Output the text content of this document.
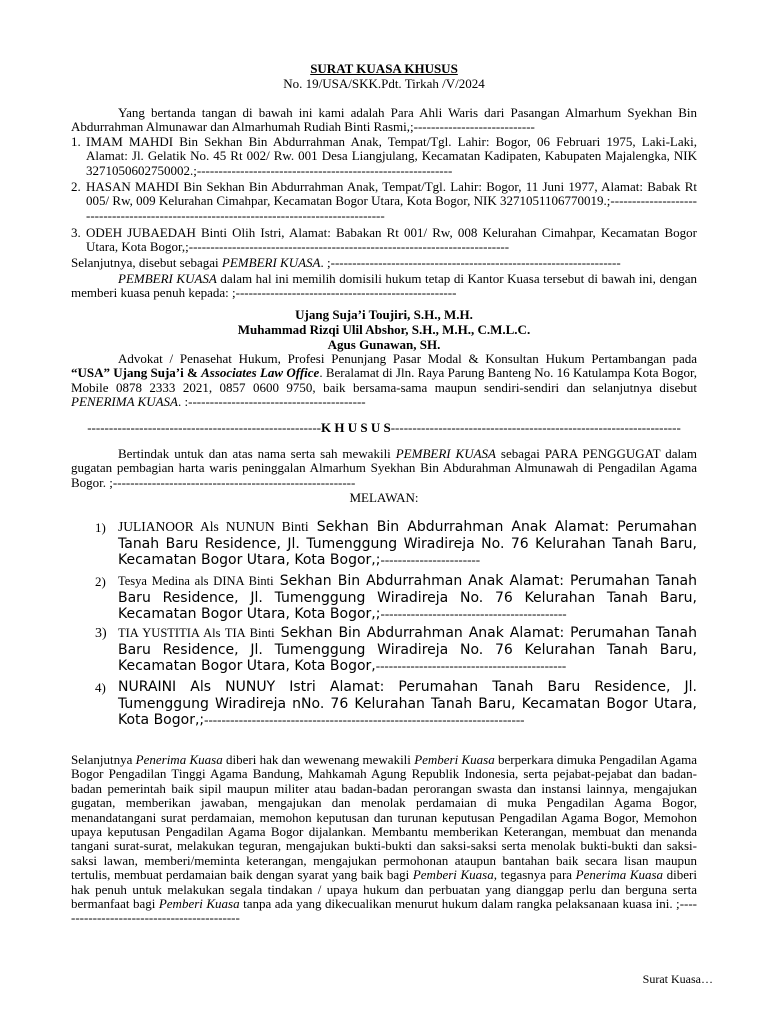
SURAT KUASA KHUSUS
No. 19/USA/SKK.Pdt. Tirkah /V/2024
Yang bertanda tangan di bawah ini kami adalah Para Ahli Waris dari Pasangan Almarhum Syekhan Bin Abdurrahman Almunawar dan Almarhumah Rudiah Binti Rasmi,;----------------------------
1. IMAM MAHDI Bin Sekhan Bin Abdurrahman Anak, Tempat/Tgl. Lahir: Bogor, 06 Februari 1975, Laki-Laki, Alamat: Jl. Gelatik No. 45 Rt 002/ Rw. 001 Desa Liangjulang, Kecamatan Kadipaten, Kabupaten Majalengka, NIK 3271050602750002.;-----------------------------------------------------------
2. HASAN MAHDI Bin Sekhan Bin Abdurrahman Anak, Tempat/Tgl. Lahir: Bogor, 11 Juni 1977, Alamat: Babak Rt 005/ Rw, 009 Kelurahan Cimahpar, Kecamatan Bogor Utara, Kota Bogor, NIK 3271051106770019.;-----------------------------------------------------------------------------------------
3. ODEH JUBAEDAH Binti Olih Istri, Alamat: Babakan Rt 001/ Rw, 008 Kelurahan Cimahpar, Kecamatan Bogor Utara, Kota Bogor,;--------------------------------------------------------------------------
Selanjutnya, disebut sebagai PEMBERI KUASA. ;-------------------------------------------------------------------
PEMBERI KUASA dalam hal ini memilih domisili hukum tetap di Kantor Kuasa tersebut di bawah ini, dengan memberi kuasa penuh kepada: ;---------------------------------------------------
Ujang Suja’i Toujiri, S.H., M.H.
Muhammad Rizqi Ulil Abshor, S.H., M.H., C.M.L.C.
Agus Gunawan, SH.
Advokat / Penasehat Hukum, Profesi Penunjang Pasar Modal & Konsultan Hukum Pertambangan pada “USA” Ujang Suja’i & Associates Law Office. Beralamat di Jln. Raya Parung Banteng No. 16 Katulampa Kota Bogor, Mobile 0878 2333 2021, 0857 0600 9750, baik bersama-sama maupun sendiri-sendiri dan selanjutnya disebut PENERIMA KUASA. :-----------------------------------------
------------------------------------------------------K H U S U S-------------------------------------------------------------------
Bertindak untuk dan atas nama serta sah mewakili PEMBERI KUASA sebagai PARA PENGGUGAT dalam gugatan pembagian harta waris peninggalan Almarhum Syekhan Bin Abdurahman Almunawah di Pengadilan Agama Bogor. ;--------------------------------------------------------
MELAWAN:
1) JULIANOOR Als NUNUN Binti Sekhan Bin Abdurrahman Anak Alamat: Perumahan Tanah Baru Residence, Jl. Tumenggung Wiradireja No. 76 Kelurahan Tanah Baru, Kecamatan Bogor Utara, Kota Bogor,;-----------------------
2) Tesya Medina als DINA Binti Sekhan Bin Abdurrahman Anak Alamat: Perumahan Tanah Baru Residence, Jl. Tumenggung Wiradireja No. 76 Kelurahan Tanah Baru, Kecamatan Bogor Utara, Kota Bogor,;-------------------------------------------
3) TIA YUSTITIA Als TIA Binti Sekhan Bin Abdurrahman Anak Alamat: Perumahan Tanah Baru Residence, Jl. Tumenggung Wiradireja No. 76 Kelurahan Tanah Baru, Kecamatan Bogor Utara, Kota Bogor,--------------------------------------------
4) NURAINI Als NUNUY Istri Alamat: Perumahan Tanah Baru Residence, Jl. Tumenggung Wiradireja nNo. 76 Kelurahan Tanah Baru, Kecamatan Bogor Utara, Kota Bogor,;--------------------------------------------------------------------------
Selanjutnya Penerima Kuasa diberi hak dan wewenang mewakili Pemberi Kuasa berperkara dimuka Pengadilan Agama Bogor Pengadilan Tinggi Agama Bandung, Mahkamah Agung Republik Indonesia, serta pejabat-pejabat dan badan-badan pemerintah baik sipil maupun militer atau badan-badan perorangan swasta dan instansi lainnya, mengajukan gugatan, memberikan jawaban, mengajukan dan menolak perdamaian di muka Pengadilan Agama Bogor, menandatangani surat perdamaian, memohon keputusan dan turunan keputusan Pengadilan Agama Bogor, Memohon upaya keputusan Pengadilan Agama Bogor dijalankan. Membantu memberikan Keterangan, membuat dan menanda tangani surat-surat, melakukan teguran, mengajukan bukti-bukti dan saksi-saksi serta menolak bukti-bukti dan saksi-saksi lawan, memberi/meminta keterangan, mengajukan permohonan ataupun bantahan baik secara lisan maupun tertulis, membuat perdamaian baik dengan syarat yang baik bagi Pemberi Kuasa, tegasnya para Penerima Kuasa diberi hak penuh untuk melakukan segala tindakan / upaya hukum dan perbuatan yang dianggap perlu dan berguna serta bermanfaat bagi Pemberi Kuasa tanpa ada yang dikecualikan menurut hukum dalam rangka pelaksanaan kuasa ini. ;-------------------------------------------
Surat Kuasa…
